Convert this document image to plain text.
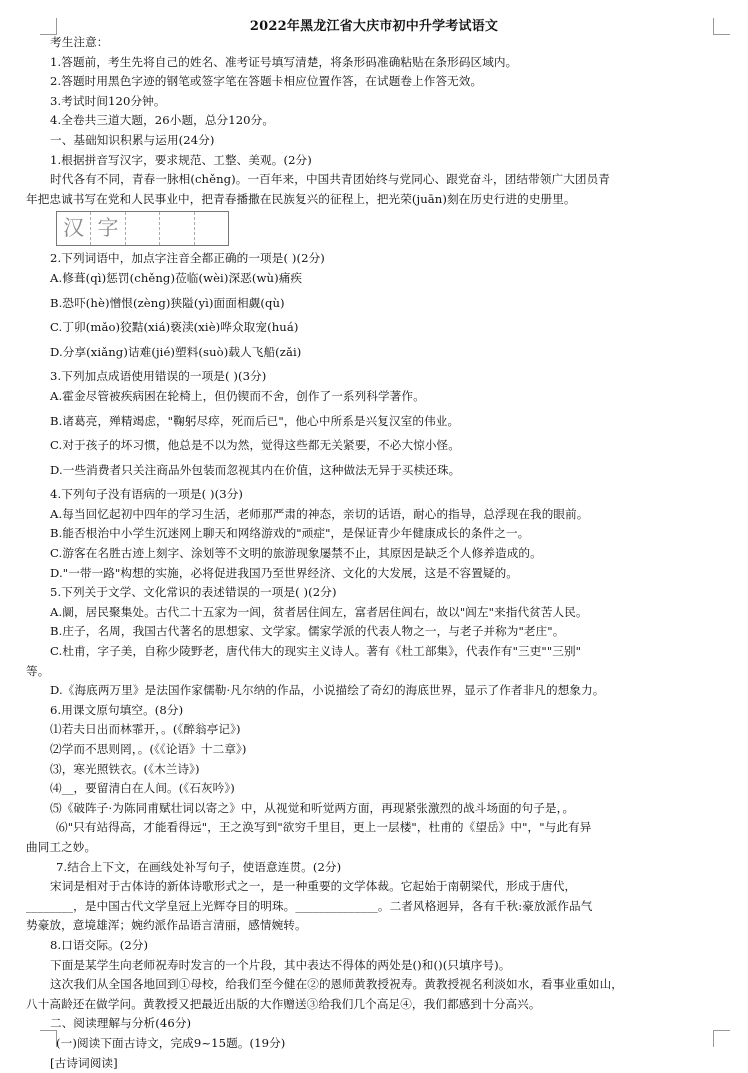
2022年黑龙江省大庆市初中升学考试语文
考生注意：
1.答题前，考生先将自己的姓名、准考证号填写清楚，将条形码准确粘贴在条形码区域内。
2.答题时用黑色字迹的钢笔或签字笔在答题卡相应位置作答，在试题卷上作答无效。
3.考试时间120分钟。
4.全卷共三道大题，26小题，总分120分。
一、基础知识积累与运用(24分)
1.根据拼音写汉字，要求规范、工整、美观。(2分)
时代各有不同，青春一脉相(chěng)。一百年来，中国共青团始终与党同心、跟党奋斗，团结带领广大团员青
年把忠诚书写在党和人民事业中，把青春播撒在民族复兴的征程上，把光荣(juān)刻在历史行进的史册里。
汉 字
2.下列词语中，加点字注音全都正确的一项是( )(2分)
A.修葺(qì)惩罚(chěng)莅临(wèi)深恶(wù)痛疾
B.恐吓(hè)憎恨(zèng)狭隘(yì)面面相觑(qù)
C.丁卯(mǎo)狡黠(xiá)亵渎(xiè)哗众取宠(huá)
D.分享(xiǎng)诘难(jié)塑料(suò)载人飞船(zǎi)
3.下列加点成语使用错误的一项是( )(3分)
A.霍金尽管被疾病困在轮椅上，但仍锲而不舍，创作了一系列科学著作。
B.诸葛亮，殚精竭虑，"鞠躬尽瘁，死而后已"，他心中所系是兴复汉室的伟业。
C.对于孩子的坏习惯，他总是不以为然，觉得这些都无关紧要，不必大惊小怪。
D.一些消费者只关注商品外包装而忽视其内在价值，这种做法无异于买椟还珠。
4.下列句子没有语病的一项是( )(3分)
A.每当回忆起初中四年的学习生活，老师那严肃的神态，亲切的话语，耐心的指导，总浮现在我的眼前。
B.能否根治中小学生沉迷网上聊天和网络游戏的"顽症"，是保证青少年健康成长的条件之一。
C.游客在名胜古迹上刻字、涂划等不文明的旅游现象屡禁不止，其原因是缺乏个人修养造成的。
D."一带一路"构想的实施，必将促进我国乃至世界经济、文化的大发展，这是不容置疑的。
5.下列关于文学、文化常识的表述错误的一项是( )(2分)
A.阛，居民聚集处。古代二十五家为一闾，贫者居住闾左，富者居住闾右，故以"闾左"来指代贫苦人民。
B.庄子，名周，我国古代著名的思想家、文学家。儒家学派的代表人物之一，与老子并称为"老庄"。
C.杜甫，字子美，自称少陵野老，唐代伟大的现实主义诗人。著有《杜工部集》，代表作有"三吏""三别"
等。
D.《海底两万里》是法国作家儒勒·凡尔纳的作品，小说描绘了奇幻的海底世界，显示了作者非凡的想象力。
6.用课文原句填空。(8分)
⑴若夫日出而林霏开，。(《醉翁亭记》)
⑵学而不思则罔，。(《《论语》十二章》)
⑶，寒光照铁衣。(《木兰诗》)
⑷__，要留清白在人间。(《石灰吟》)
⑸《破阵子·为陈同甫赋壮词以寄之》中，从视觉和听觉两方面，再现紧张激烈的战斗场面的句子是，。
⑹"只有站得高，才能看得远"，王之涣写到"欲穷千里目，更上一层楼"，杜甫的《望岳》中"，"与此有异
曲同工之妙。
7.结合上下文，在画线处补写句子，使语意连贯。(2分)
宋词是相对于古体诗的新体诗歌形式之一，是一种重要的文学体裁。它起始于南朝梁代，形成于唐代，
________，是中国古代文学皇冠上光辉夺目的明珠。______________。二者风格迥异，各有千秋:豪放派作品气
势豪放，意境雄浑；婉约派作品语言清丽，感情婉转。
8.口语交际。(2分)
下面是某学生向老师祝寿时发言的一个片段，其中表达不得体的两处是()和()(只填序号)。
这次我们从全国各地回到①母校，给我们至今健在②的恩师黄教授祝寿。黄教授视名利淡如水，看事业重如山，
八十高龄还在做学问。黄教授又把最近出版的大作赠送③给我们几个高足④，我们都感到十分高兴。
二、阅读理解与分析(46分)
(一)阅读下面古诗文，完成9~15题。(19分)
[古诗词阅读]
